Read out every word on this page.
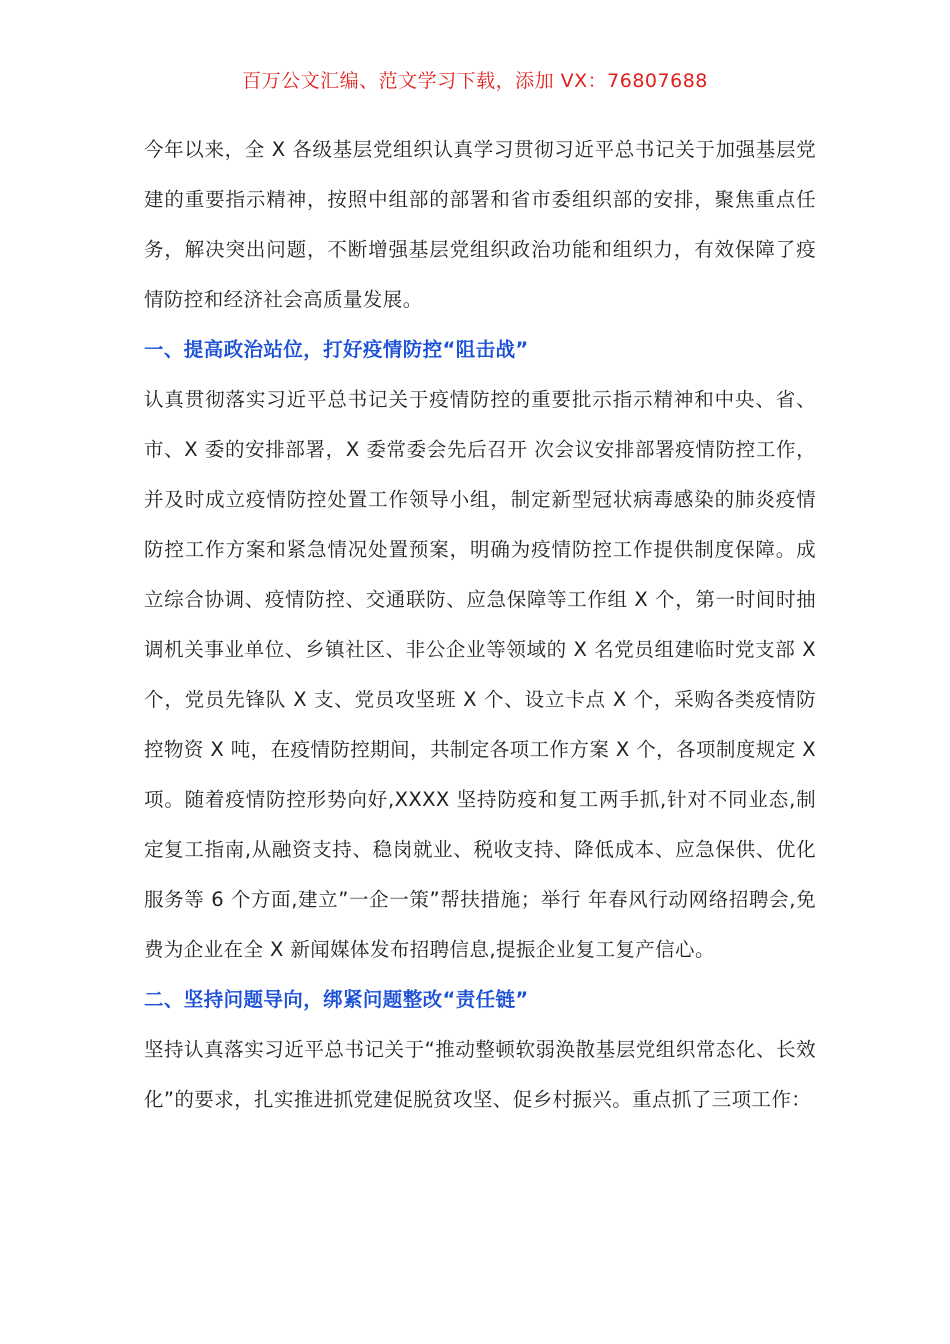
百万公文汇编、范文学习下载，添加 VX：76807688

今年以来，全 X 各级基层党组织认真学习贯彻习近平总书记关于加强基层党建的重要指示精神，按照中组部的部署和省市委组织部的安排，聚焦重点任务，解决突出问题，不断增强基层党组织政治功能和组织力，有效保障了疫情防控和经济社会高质量发展。

一、提高政治站位，打好疫情防控“阻击战”

认真贯彻落实习近平总书记关于疫情防控的重要批示指示精神和中央、省、市、X 委的安排部署，X 委常委会先后召开 次会议安排部署疫情防控工作，并及时成立疫情防控处置工作领导小组，制定新型冠状病毒感染的肺炎疫情防控工作方案和紧急情况处置预案，明确为疫情防控工作提供制度保障。成立综合协调、疫情防控、交通联防、应急保障等工作组 X 个，第一时间时抽调机关事业单位、乡镇社区、非公企业等领域的 X 名党员组建临时党支部 X 个，党员先锋队 X 支、党员攻坚班 X 个、设立卡点 X 个，采购各类疫情防控物资 X 吨，在疫情防控期间，共制定各项工作方案 X 个，各项制度规定 X 项。随着疫情防控形势向好,XXXX 坚持防疫和复工两手抓,针对不同业态,制定复工指南,从融资支持、稳岗就业、税收支持、降低成本、应急保供、优化服务等 6 个方面,建立”一企一策”帮扶措施；举行 年春风行动网络招聘会,免费为企业在全 X 新闻媒体发布招聘信息,提振企业复工复产信心。

二、坚持问题导向，绑紧问题整改“责任链”

坚持认真落实习近平总书记关于“推动整顿软弱涣散基层党组织常态化、长效化”的要求，扎实推进抓党建促脱贫攻坚、促乡村振兴。重点抓了三项工作：
